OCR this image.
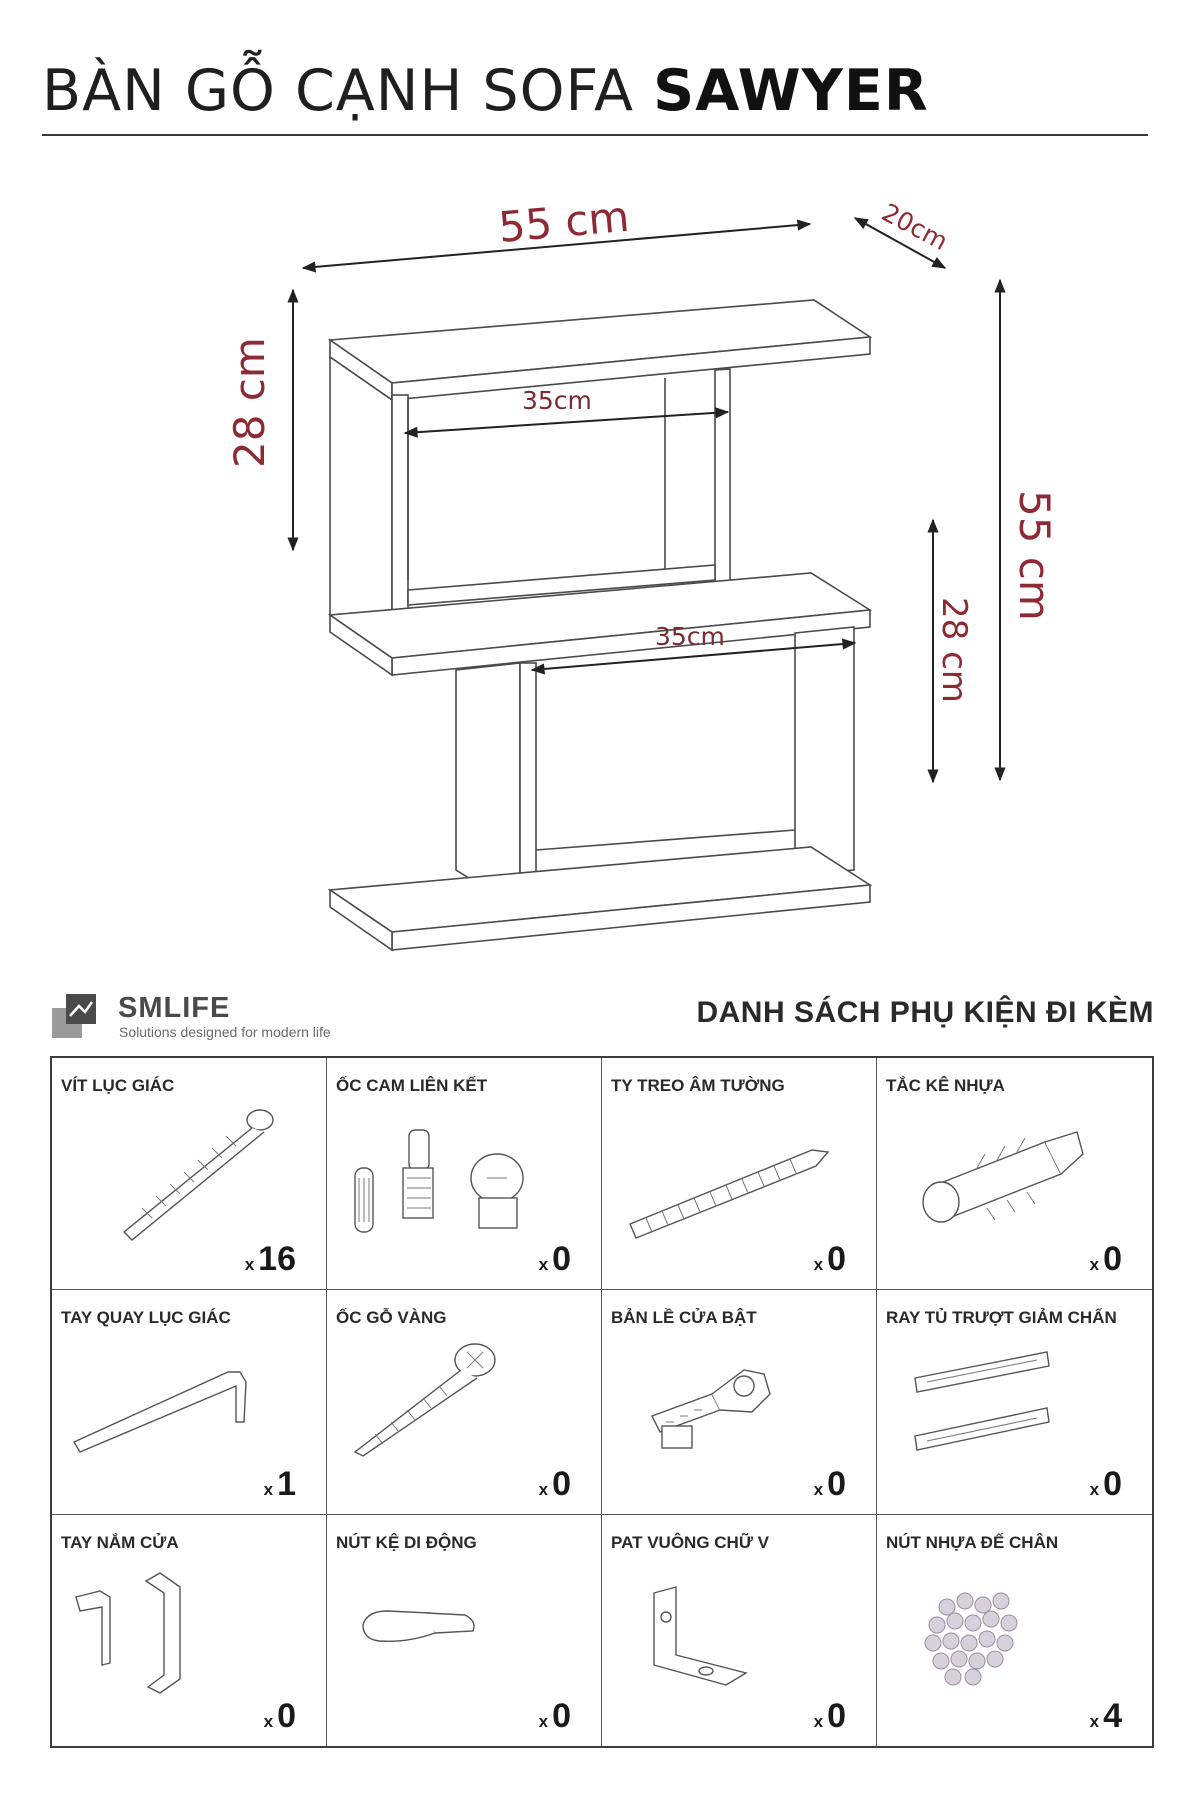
BÀN GỖ CẠNH SOFA SAWYER
55 cm	20cm
28 cm
55 cm
28 cm
35cm
35cm
SMLIFE
Solutions designed for modern life
DANH SÁCH PHỤ KIỆN ĐI KÈM
VÍT LỤC GIÁC
x 16
ỐC CAM LIÊN KẾT
x 0
TY TREO ÂM TƯỜNG
x 0
TẮC KÊ NHỰA
x 0
TAY QUAY LỤC GIÁC
x 1
ỐC GỖ VÀNG
x 0
BẢN LỀ CỬA BẬT
x 0
RAY TỦ TRƯỢT GIẢM CHẤN
x 0
TAY NẮM CỬA
x 0
NÚT KỆ DI ĐỘNG
x 0
PAT VUÔNG CHỮ V
x 0
NÚT NHỰA ĐẾ CHÂN
x 4
